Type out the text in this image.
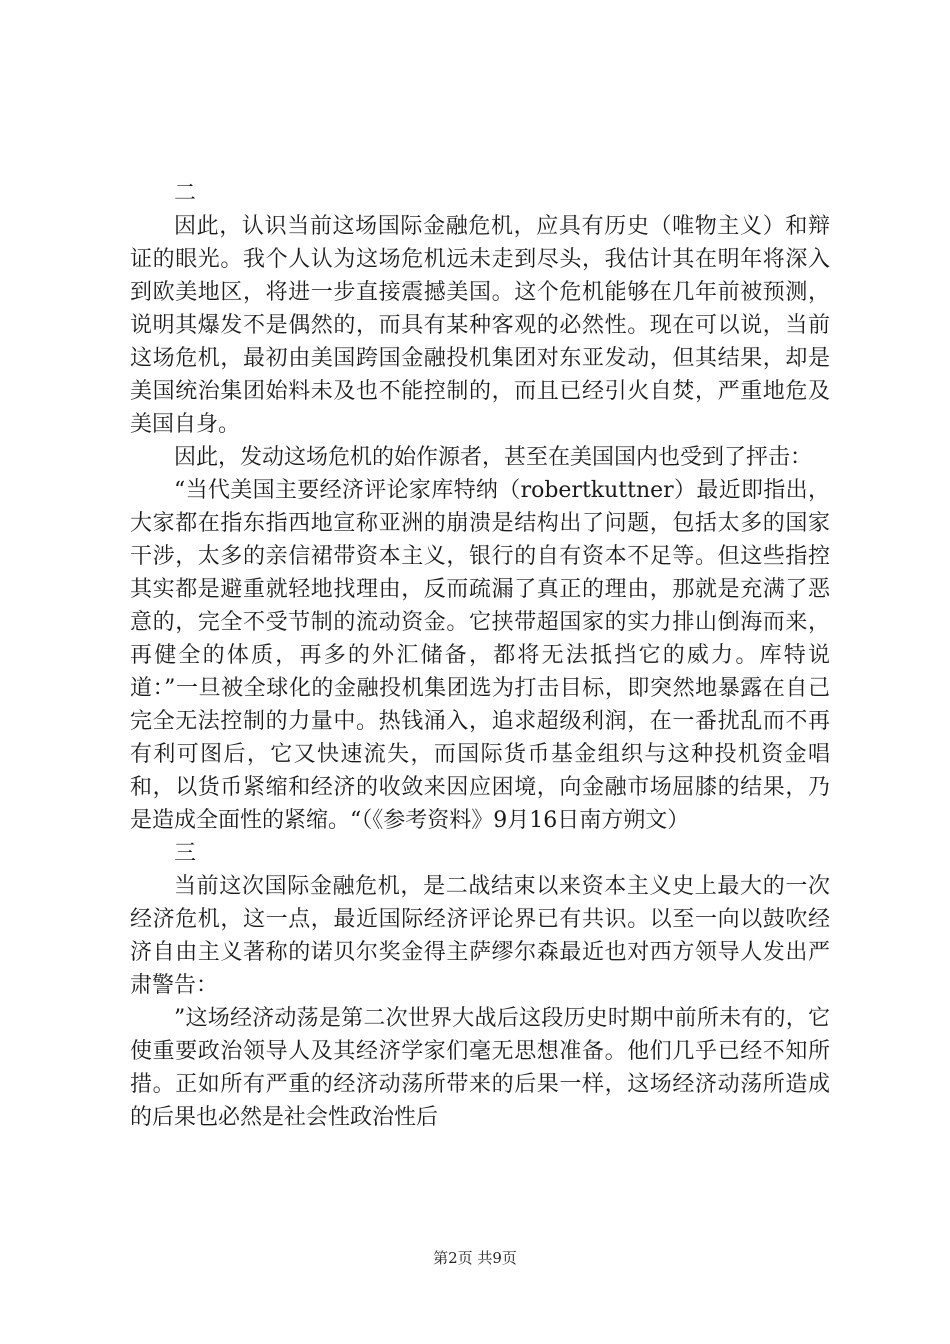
二

因此，认识当前这场国际金融危机，应具有历史（唯物主义）和辩证的眼光。我个人认为这场危机远未走到尽头，我估计其在明年将深入到欧美地区，将进一步直接震撼美国。这个危机能够在几年前被预测，说明其爆发不是偶然的，而具有某种客观的必然性。现在可以说，当前这场危机，最初由美国跨国金融投机集团对东亚发动，但其结果，却是美国统治集团始料未及也不能控制的，而且已经引火自焚，严重地危及美国自身。

因此，发动这场危机的始作源者，甚至在美国国内也受到了抨击：

“当代美国主要经济评论家库特纳（robertkuttner）最近即指出，大家都在指东指西地宣称亚洲的崩溃是结构出了问题，包括太多的国家干涉，太多的亲信裙带资本主义，银行的自有资本不足等。但这些指控其实都是避重就轻地找理由，反而疏漏了真正的理由，那就是充满了恶意的，完全不受节制的流动资金。它挟带超国家的实力排山倒海而来，再健全的体质，再多的外汇储备，都将无法抵挡它的威力。库特说道：”一旦被全球化的金融投机集团选为打击目标，即突然地暴露在自己完全无法控制的力量中。热钱涌入，追求超级利润，在一番扰乱而不再有利可图后，它又快速流失，而国际货币基金组织与这种投机资金唱和，以货币紧缩和经济的收敛来因应困境，向金融市场屈膝的结果，乃是造成全面性的紧缩。“（《参考资料》9月16日南方朔文）

三

当前这次国际金融危机，是二战结束以来资本主义史上最大的一次经济危机，这一点，最近国际经济评论界已有共识。以至一向以鼓吹经济自由主义著称的诺贝尔奖金得主萨缪尔森最近也对西方领导人发出严肃警告：

”这场经济动荡是第二次世界大战后这段历史时期中前所未有的，它使重要政治领导人及其经济学家们毫无思想准备。他们几乎已经不知所措。正如所有严重的经济动荡所带来的后果一样，这场经济动荡所造成的后果也必然是社会性政治性后

第2页 共9页
